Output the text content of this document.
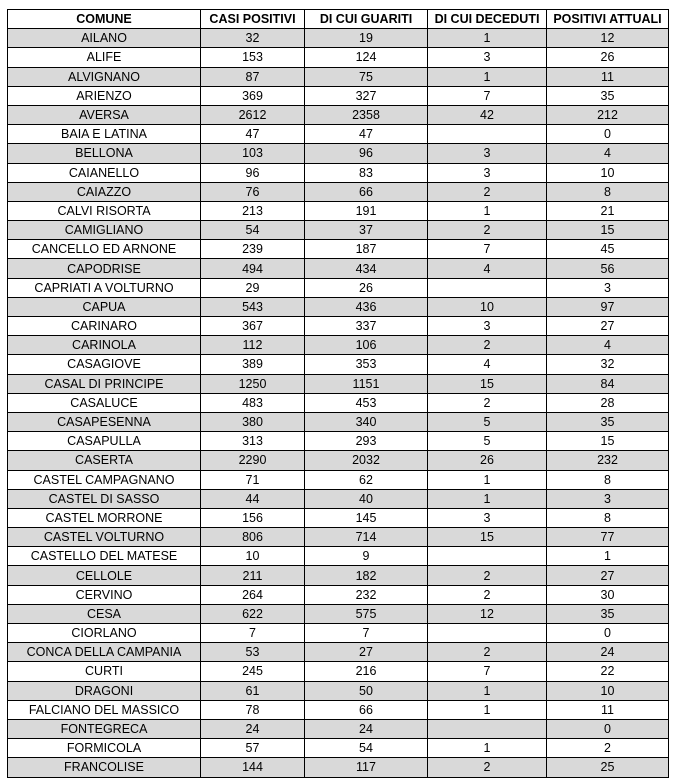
COMUNE	CASI POSITIVI	DI CUI GUARITI	DI CUI DECEDUTI	POSITIVI ATTUALI
AILANO	32	19	1	12
ALIFE	153	124	3	26
ALVIGNANO	87	75	1	11
ARIENZO	369	327	7	35
AVERSA	2612	2358	42	212
BAIA E LATINA	47	47		0
BELLONA	103	96	3	4
CAIANELLO	96	83	3	10
CAIAZZO	76	66	2	8
CALVI RISORTA	213	191	1	21
CAMIGLIANO	54	37	2	15
CANCELLO ED ARNONE	239	187	7	45
CAPODRISE	494	434	4	56
CAPRIATI A VOLTURNO	29	26		3
CAPUA	543	436	10	97
CARINARO	367	337	3	27
CARINOLA	112	106	2	4
CASAGIOVE	389	353	4	32
CASAL DI PRINCIPE	1250	1151	15	84
CASALUCE	483	453	2	28
CASAPESENNA	380	340	5	35
CASAPULLA	313	293	5	15
CASERTA	2290	2032	26	232
CASTEL CAMPAGNANO	71	62	1	8
CASTEL DI SASSO	44	40	1	3
CASTEL MORRONE	156	145	3	8
CASTEL VOLTURNO	806	714	15	77
CASTELLO DEL MATESE	10	9		1
CELLOLE	211	182	2	27
CERVINO	264	232	2	30
CESA	622	575	12	35
CIORLANO	7	7		0
CONCA DELLA CAMPANIA	53	27	2	24
CURTI	245	216	7	22
DRAGONI	61	50	1	10
FALCIANO DEL MASSICO	78	66	1	11
FONTEGRECA	24	24		0
FORMICOLA	57	54	1	2
FRANCOLISE	144	117	2	25
